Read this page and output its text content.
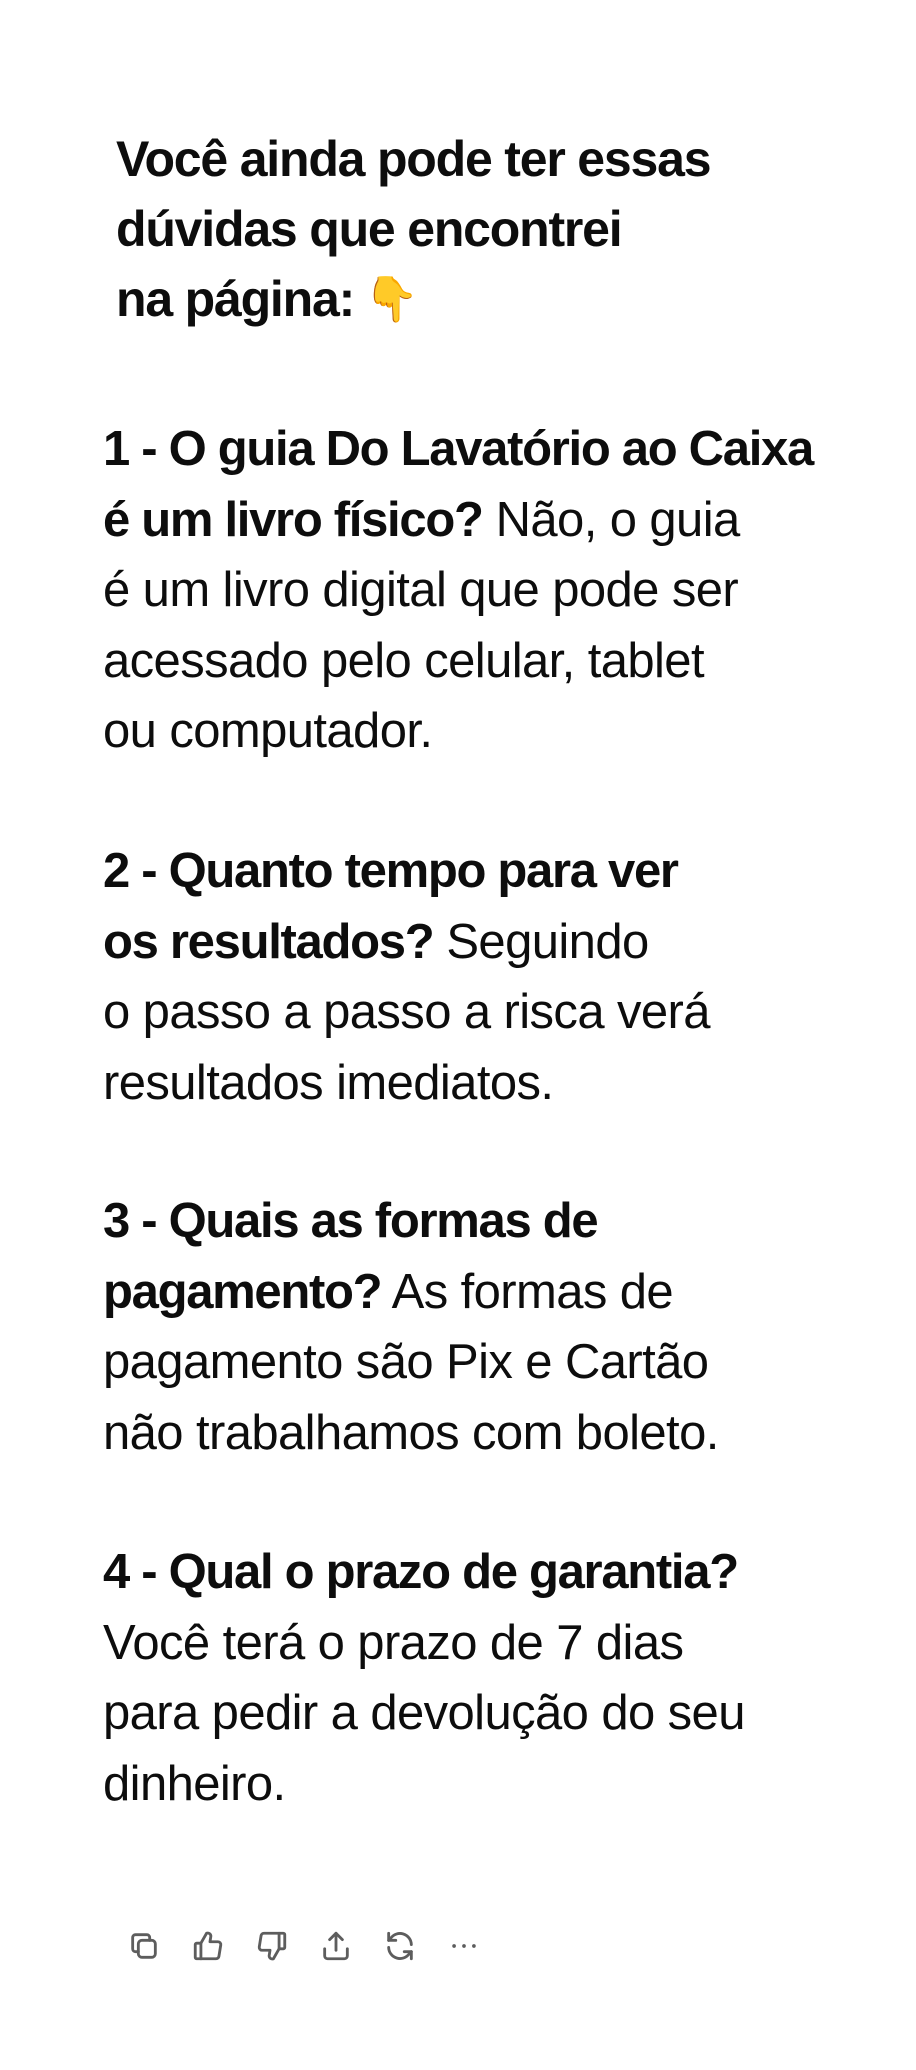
Você ainda pode ter essas
dúvidas que encontrei
na página: 👇
1 - O guia Do Lavatório ao Caixa
é um livro físico? Não, o guia
é um livro digital que pode ser
acessado pelo celular, tablet
ou computador.
2 - Quanto tempo para ver
os resultados? Seguindo
o passo a passo a risca verá
resultados imediatos.
3 - Quais as formas de
pagamento? As formas de
pagamento são Pix e Cartão
não trabalhamos com boleto.
4 - Qual o prazo de garantia?
Você terá o prazo de 7 dias
para pedir a devolução do seu
dinheiro.
